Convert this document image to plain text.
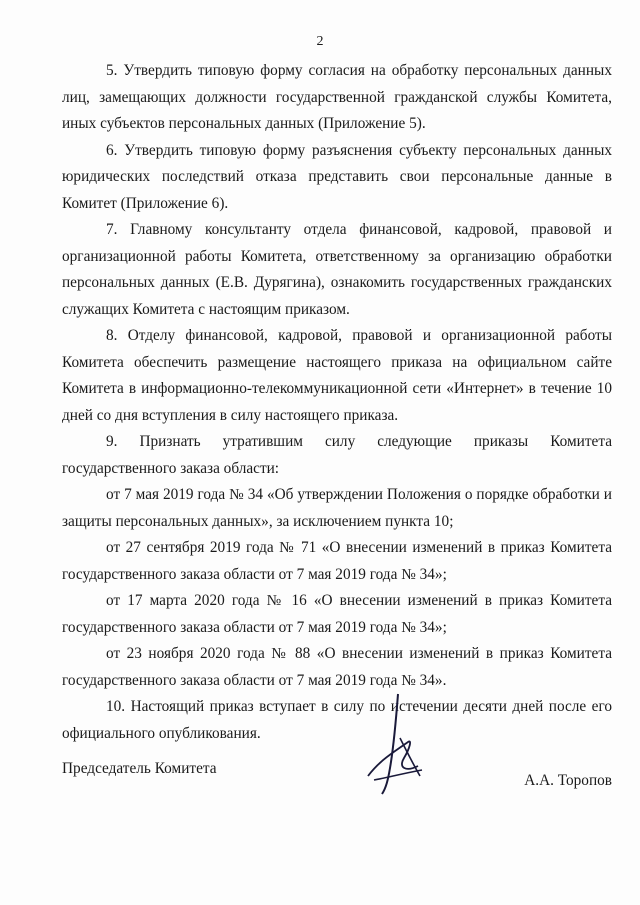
2

5. Утвердить типовую форму согласия на обработку персональных данных лиц, замещающих должности государственной гражданской службы Комитета, иных субъектов персональных данных (Приложение 5).

6. Утвердить типовую форму разъяснения субъекту персональных данных юридических последствий отказа представить свои персональные данные в Комитет (Приложение 6).

7. Главному консультанту отдела финансовой, кадровой, правовой и организационной работы Комитета, ответственному за организацию обработки персональных данных (Е.В. Дурягина), ознакомить государственных гражданских служащих Комитета с настоящим приказом.

8. Отделу финансовой, кадровой, правовой и организационной работы Комитета обеспечить размещение настоящего приказа на официальном сайте Комитета в информационно-телекоммуникационной сети «Интернет» в течение 10 дней со дня вступления в силу настоящего приказа.

9. Признать утратившим силу следующие приказы Комитета государственного заказа области:

от 7 мая 2019 года № 34 «Об утверждении Положения о порядке обработки и защиты персональных данных», за исключением пункта 10;

от 27 сентября 2019 года № 71 «О внесении изменений в приказ Комитета государственного заказа области от 7 мая 2019 года № 34»;

от 17 марта 2020 года № 16 «О внесении изменений в приказ Комитета государственного заказа области от 7 мая 2019 года № 34»;

от 23 ноября 2020 года № 88 «О внесении изменений в приказ Комитета государственного заказа области от 7 мая 2019 года № 34».

10. Настоящий приказ вступает в силу по истечении десяти дней после его официального опубликования.

Председатель Комитета
А.А. Торопов
